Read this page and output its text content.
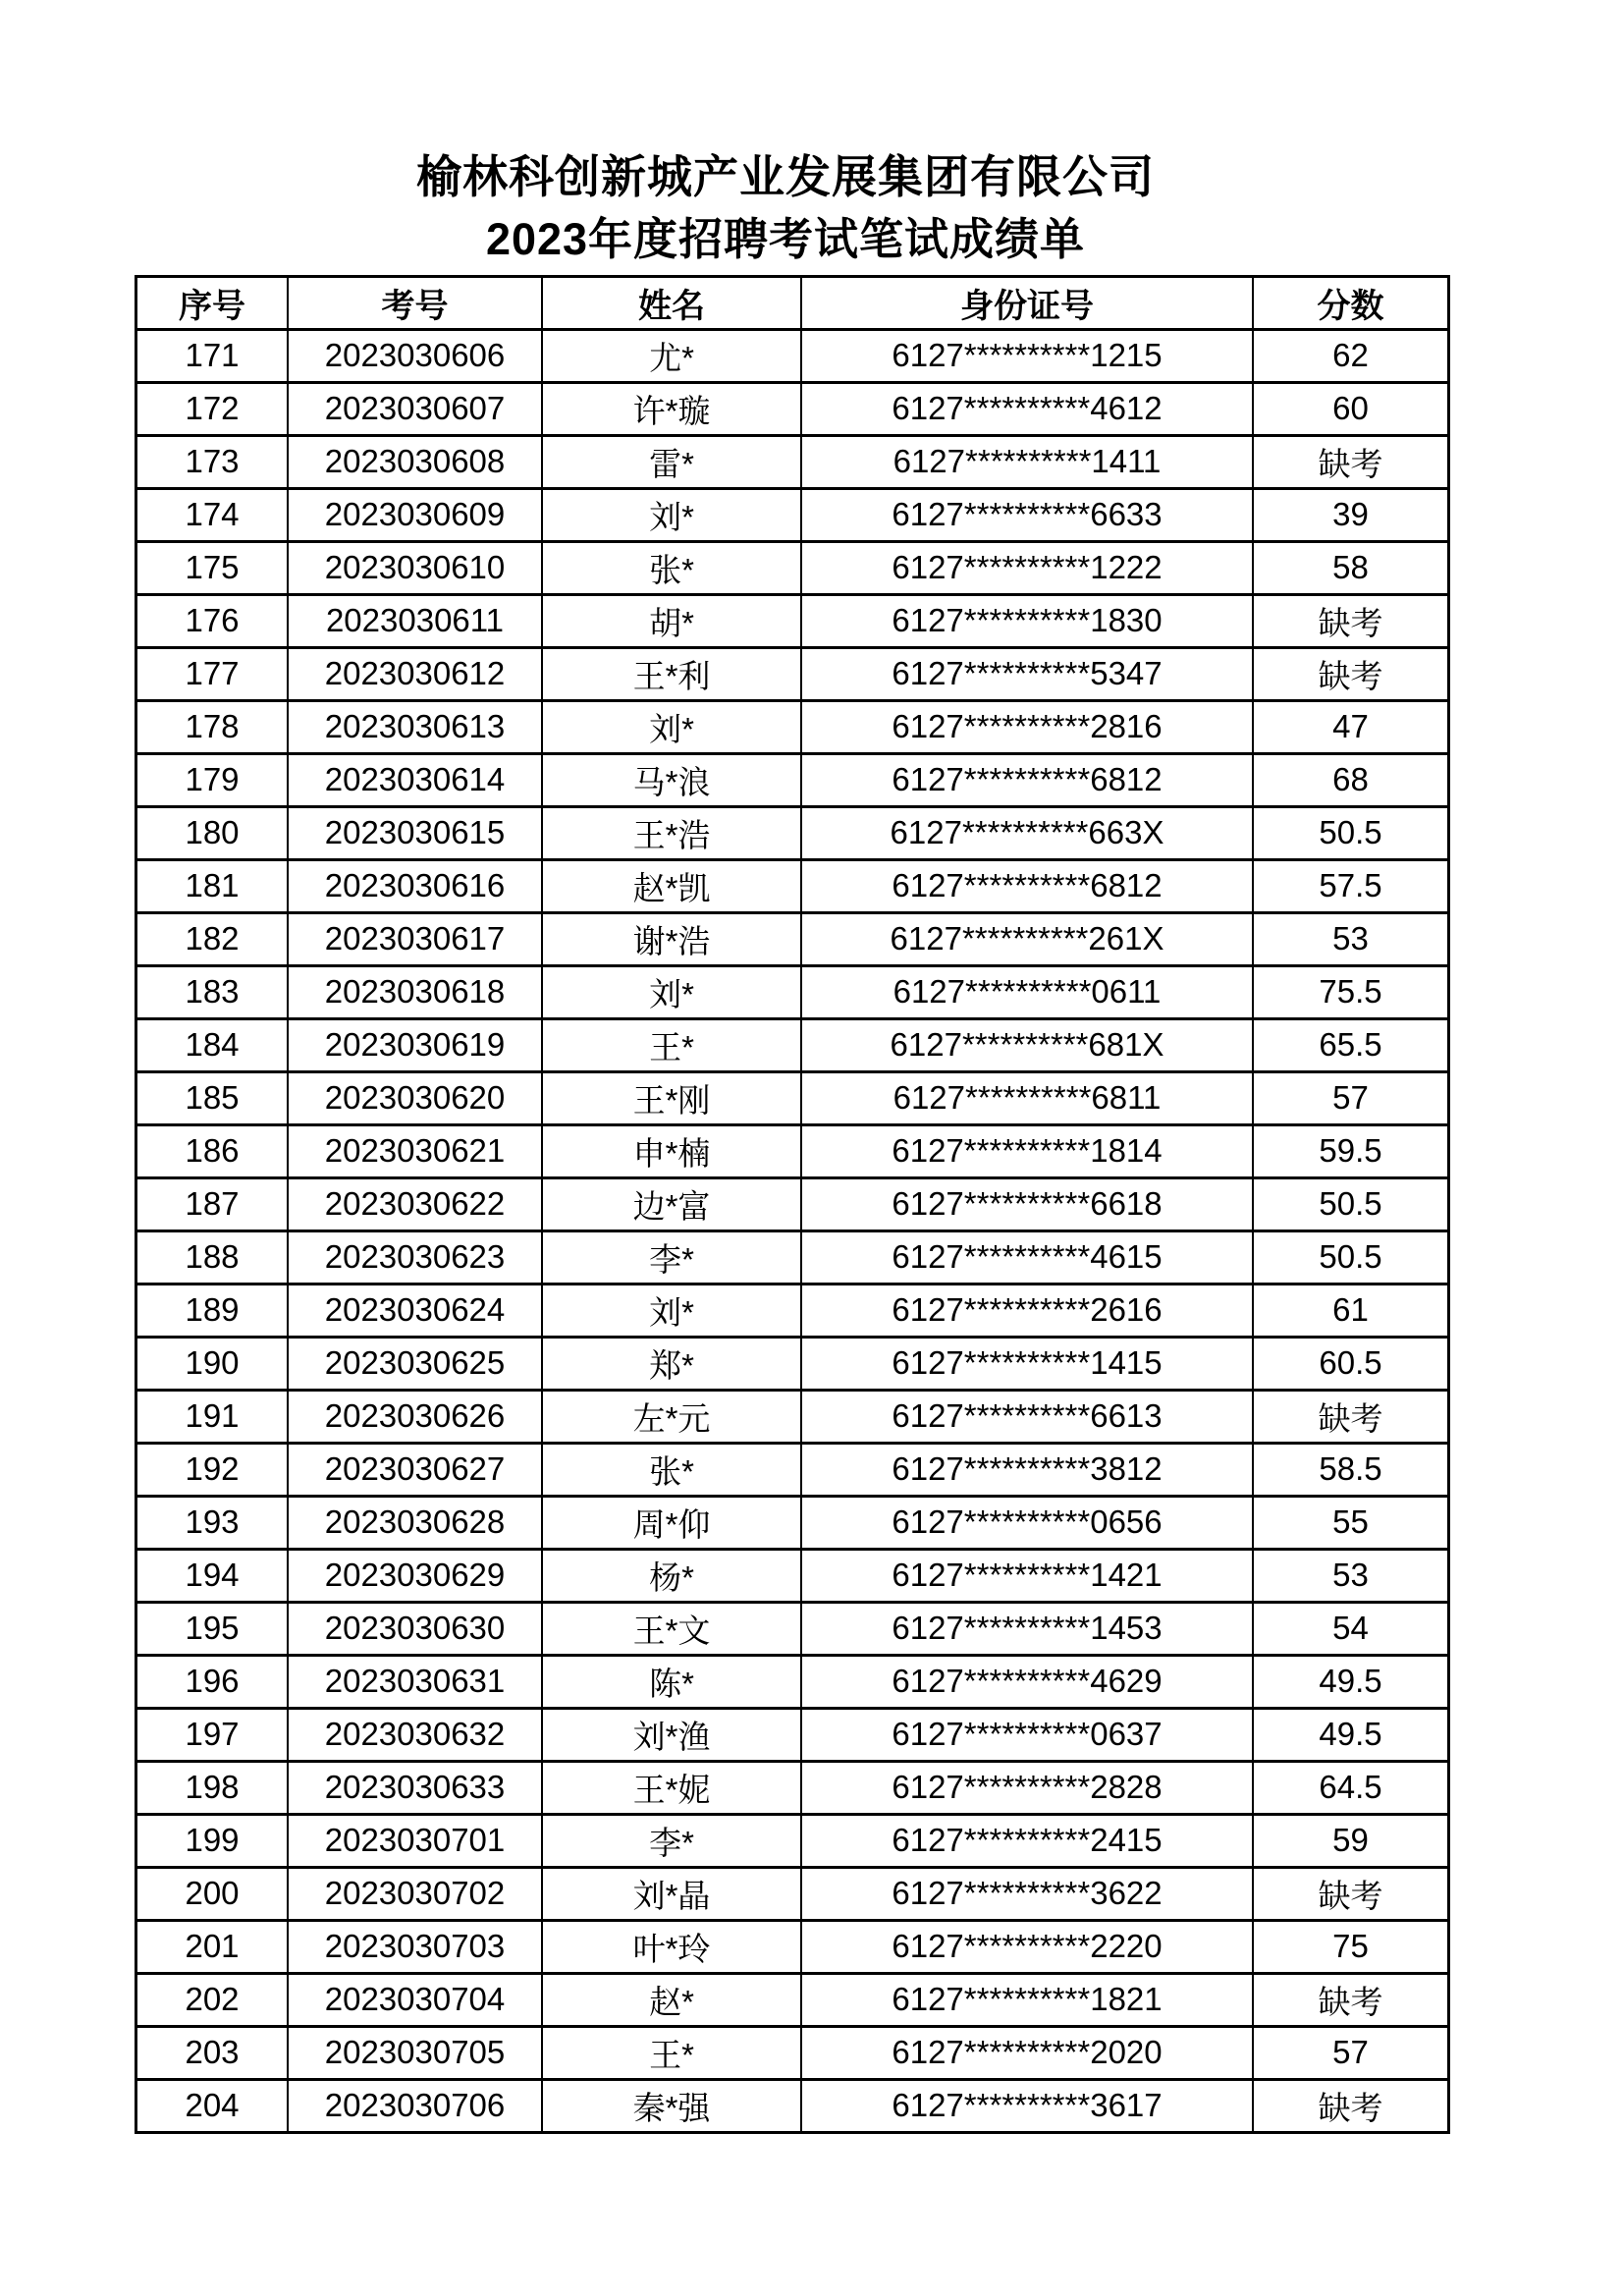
榆林科创新城产业发展集团有限公司
2023年度招聘考试笔试成绩单
序号	考号	姓名	身份证号	分数
171	2023030606	尤*	6127**********1215	62
172	2023030607	许*璇	6127**********4612	60
173	2023030608	雷*	6127**********1411	缺考
174	2023030609	刘*	6127**********6633	39
175	2023030610	张*	6127**********1222	58
176	2023030611	胡*	6127**********1830	缺考
177	2023030612	王*利	6127**********5347	缺考
178	2023030613	刘*	6127**********2816	47
179	2023030614	马*浪	6127**********6812	68
180	2023030615	王*浩	6127**********663X	50.5
181	2023030616	赵*凯	6127**********6812	57.5
182	2023030617	谢*浩	6127**********261X	53
183	2023030618	刘*	6127**********0611	75.5
184	2023030619	王*	6127**********681X	65.5
185	2023030620	王*刚	6127**********6811	57
186	2023030621	申*楠	6127**********1814	59.5
187	2023030622	边*富	6127**********6618	50.5
188	2023030623	李*	6127**********4615	50.5
189	2023030624	刘*	6127**********2616	61
190	2023030625	郑*	6127**********1415	60.5
191	2023030626	左*元	6127**********6613	缺考
192	2023030627	张*	6127**********3812	58.5
193	2023030628	周*仰	6127**********0656	55
194	2023030629	杨*	6127**********1421	53
195	2023030630	王*文	6127**********1453	54
196	2023030631	陈*	6127**********4629	49.5
197	2023030632	刘*渔	6127**********0637	49.5
198	2023030633	王*妮	6127**********2828	64.5
199	2023030701	李*	6127**********2415	59
200	2023030702	刘*晶	6127**********3622	缺考
201	2023030703	叶*玲	6127**********2220	75
202	2023030704	赵*	6127**********1821	缺考
203	2023030705	王*	6127**********2020	57
204	2023030706	秦*强	6127**********3617	缺考
